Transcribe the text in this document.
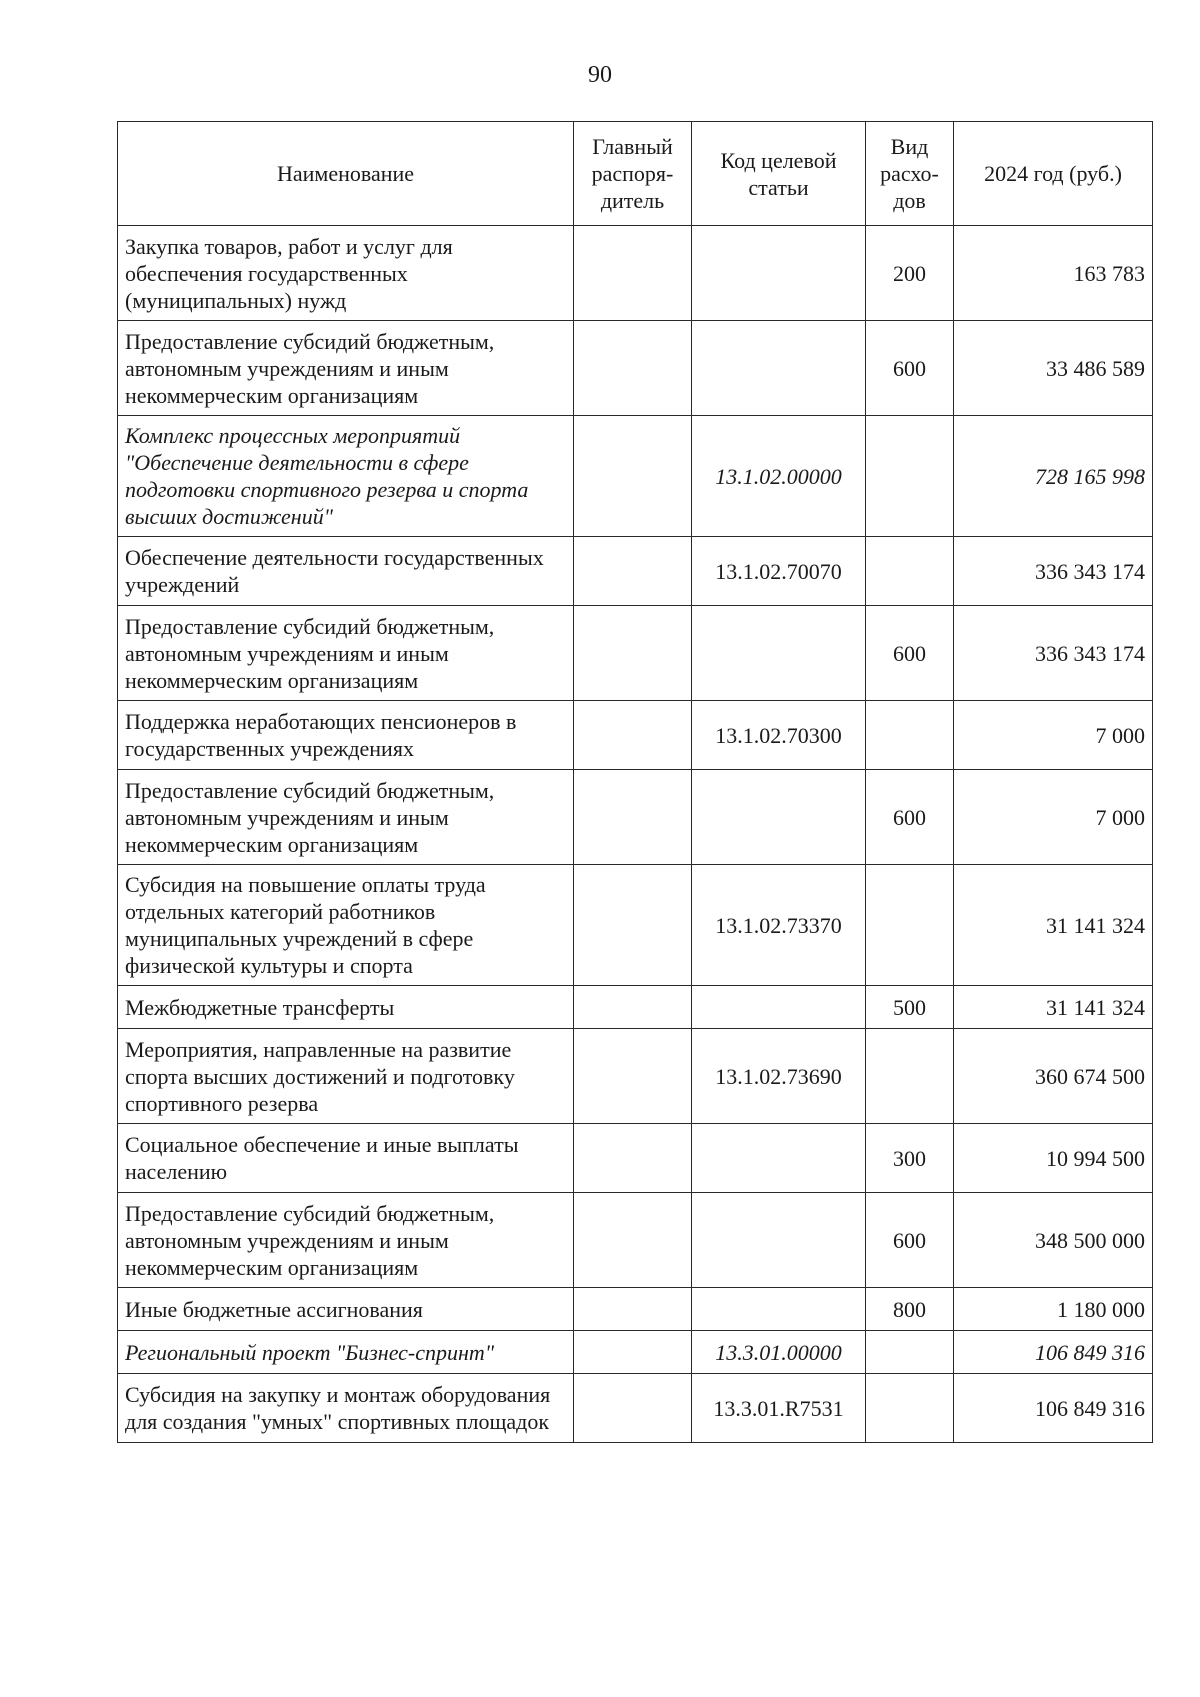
90
Наименование	Главный распоря-дитель	Код целевой статьи	Вид расхо-дов	2024 год (руб.)
Закупка товаров, работ и услуг для обеспечения государственных (муниципальных) нужд			200	163 783
Предоставление субсидий бюджетным, автономным учреждениям и иным некоммерческим организациям			600	33 486 589
Комплекс процессных мероприятий "Обеспечение деятельности в сфере подготовки спортивного резерва и спорта высших достижений"		13.1.02.00000		728 165 998
Обеспечение деятельности государственных учреждений		13.1.02.70070		336 343 174
Предоставление субсидий бюджетным, автономным учреждениям и иным некоммерческим организациям			600	336 343 174
Поддержка неработающих пенсионеров в государственных учреждениях		13.1.02.70300		7 000
Предоставление субсидий бюджетным, автономным учреждениям и иным некоммерческим организациям			600	7 000
Субсидия на повышение оплаты труда отдельных категорий работников муниципальных учреждений в сфере физической культуры и спорта		13.1.02.73370		31 141 324
Межбюджетные трансферты			500	31 141 324
Мероприятия, направленные на развитие спорта высших достижений и подготовку спортивного резерва		13.1.02.73690		360 674 500
Социальное обеспечение и иные выплаты населению			300	10 994 500
Предоставление субсидий бюджетным, автономным учреждениям и иным некоммерческим организациям			600	348 500 000
Иные бюджетные ассигнования			800	1 180 000
Региональный проект "Бизнес-спринт"		13.3.01.00000		106 849 316
Субсидия на закупку и монтаж оборудования для создания "умных" спортивных площадок		13.3.01.R7531		106 849 316
